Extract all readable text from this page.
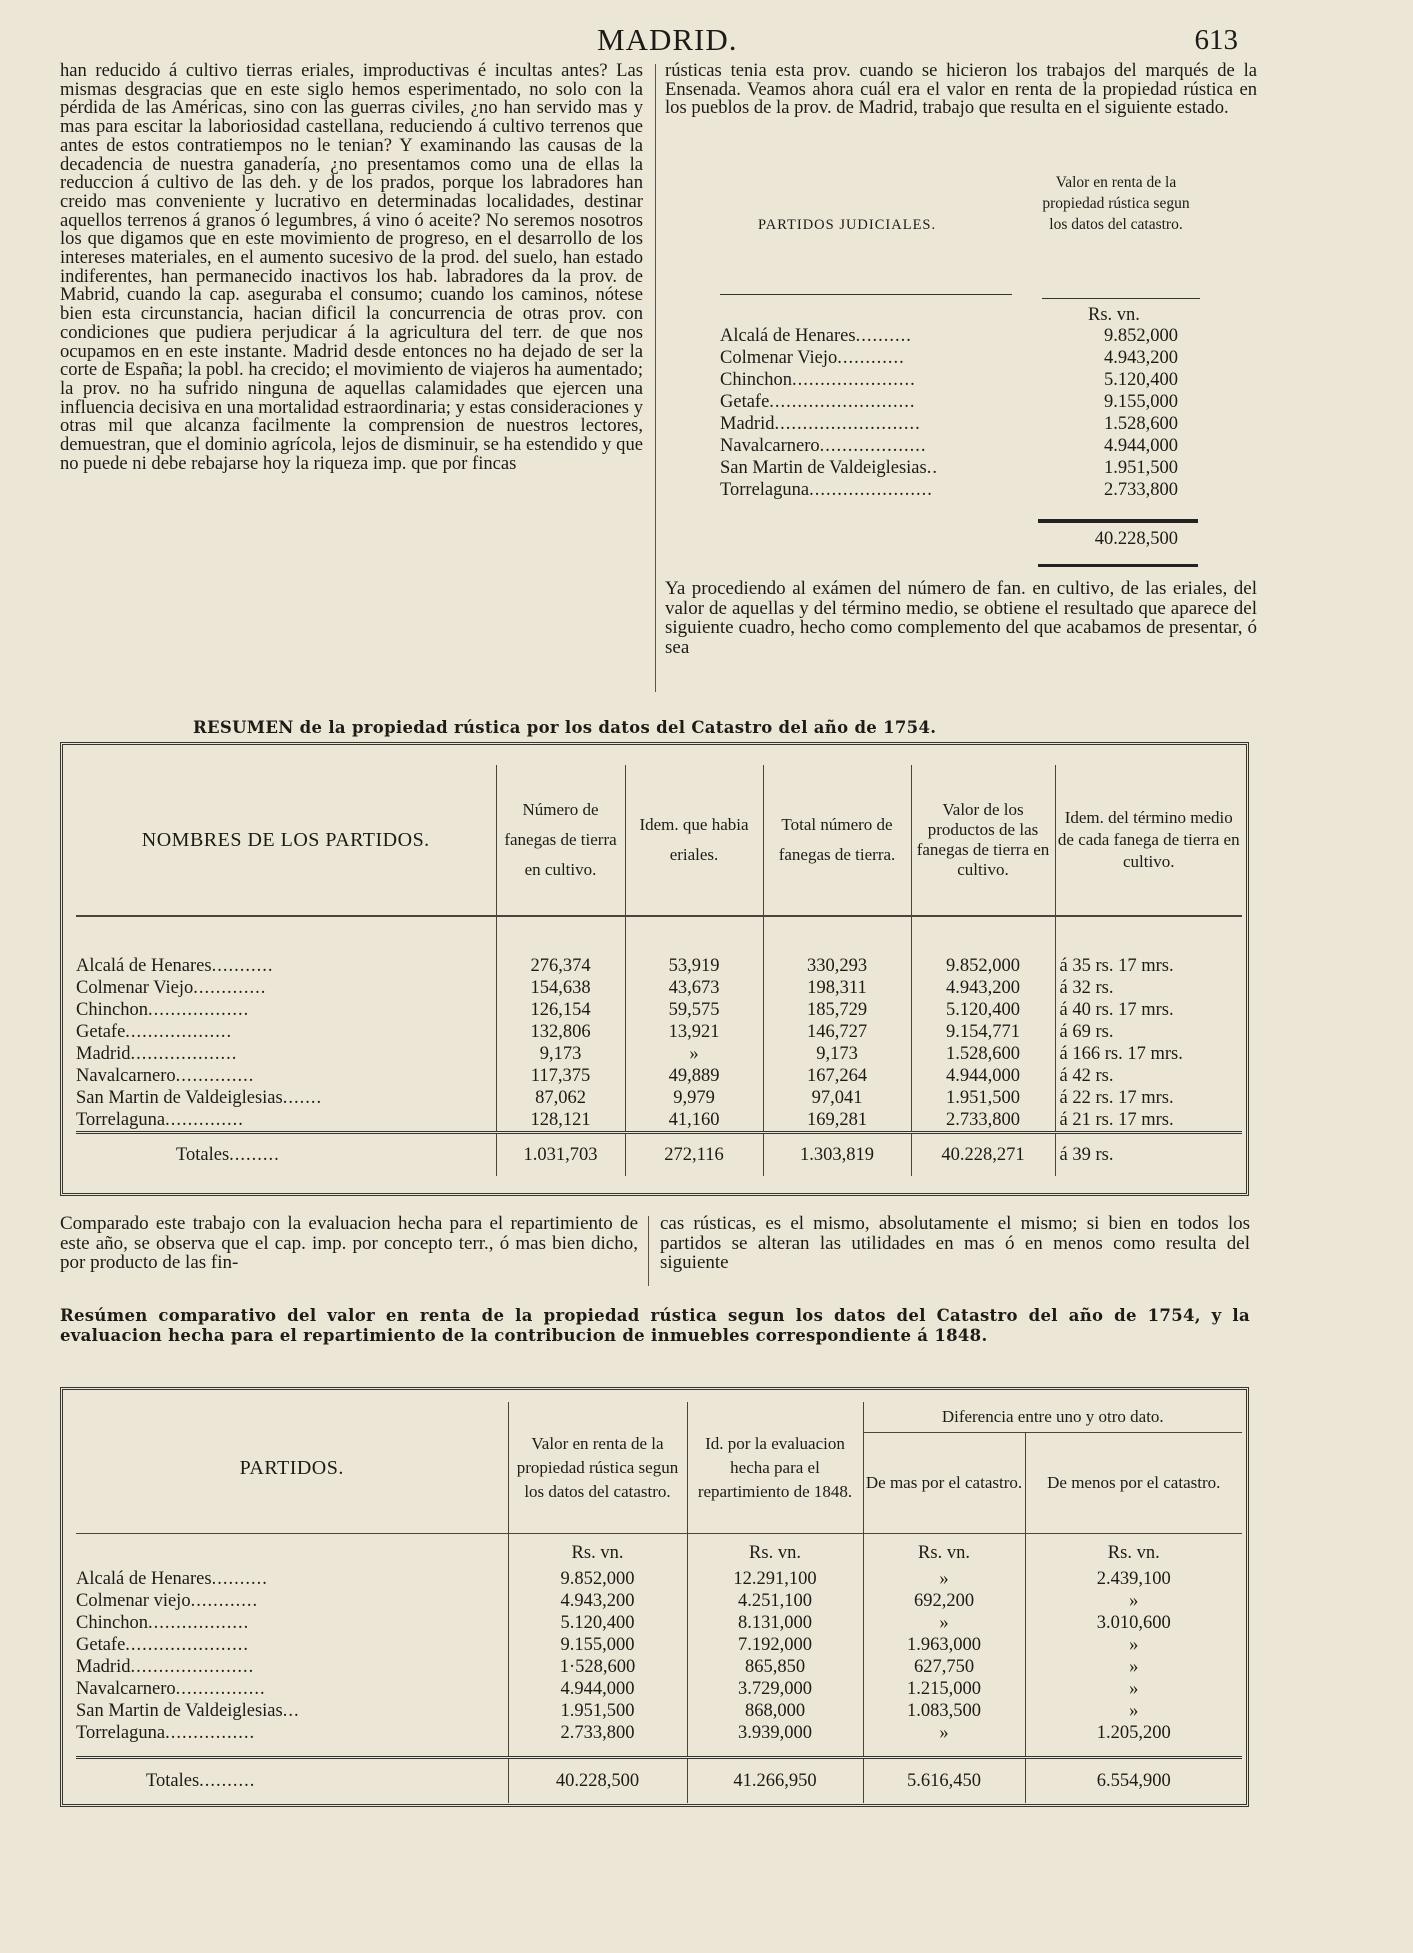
MADRID.	613

han reducido á cultivo tierras eriales, improductivas é incultas antes? Las mismas desgracias que en este siglo hemos esperimentado, no solo con la pérdida de las Américas, sino con las guerras civiles, ¿no han servido mas y mas para escitar la laboriosidad castellana, reduciendo á cultivo terrenos que antes de estos contratiempos no le tenian? Y examinando las causas de la decadencia de nuestra ganadería, ¿no presentamos como una de ellas la reduccion á cultivo de las deh. y de los prados, porque los labradores han creido mas conveniente y lucrativo en determinadas localidades, destinar aquellos terrenos á granos ó legumbres, á vino ó aceite? No seremos nosotros los que digamos que en este movimiento de progreso, en el desarrollo de los intereses materiales, en el aumento sucesivo de la prod. del suelo, han estado indiferentes, han permanecido inactivos los hab. labradores da la prov. de Mabrid, cuando la cap. aseguraba el consumo; cuando los caminos, nótese bien esta circunstancia, hacian dificil la concurrencia de otras prov. con condiciones que pudiera perjudicar á la agricultura del terr. de que nos ocupamos en en este instante. Madrid desde entonces no ha dejado de ser la corte de España; la pobl. ha crecido; el movimiento de viajeros ha aumentado; la prov. no ha sufrido ninguna de aquellas calamidades que ejercen una influencia decisiva en una mortalidad estraordinaria; y estas consideraciones y otras mil que alcanza facilmente la comprension de nuestros lectores, demuestran, que el dominio agrícola, lejos de disminuir, se ha estendido y que no puede ni debe rebajarse hoy la riqueza imp. que por fincas

rústicas tenia esta prov. cuando se hicieron los trabajos del marqués de la Ensenada. Veamos ahora cuál era el valor en renta de la propiedad rústica en los pueblos de la prov. de Madrid, trabajo que resulta en el siguiente estado.

PARTIDOS JUDICIALES.
Valor en renta de la propiedad rústica segun los datos del catastro.
Rs. vn.
Alcalá de Henares..........	9.852,000
Colmenar Viejo............	4.943,200
Chinchon......................	5.120,400
Getafe..........................	9.155,000
Madrid..........................	1.528,600
Navalcarnero...................	4.944,000
San Martin de Valdeiglesias..	1.951,500
Torrelaguna......................	2.733,800
40.228,500
Ya procediendo al exámen del número de fan. en cultivo, de las eriales, del valor de aquellas y del término medio, se obtiene el resultado que aparece del siguiente cuadro, hecho como complemento del que acabamos de presentar, ó sea
RESUMEN de la propiedad rústica por los datos del Catastro del año de 1754.
NOMBRES DE LOS PARTIDOS.	Número de fanegas de tierra en cultivo.	Idem. que habia eriales.	Total número de fanegas de tierra.	Valor de los productos de las fanegas de tierra en cultivo.	Idem. del término medio de cada fanega de tierra en cultivo.

Alcalá de Henares...........	276,374	53,919	330,293	9.852,000	á 35 rs. 17 mrs.
Colmenar Viejo.............	154,638	43,673	198,311	4.943,200	á 32 rs.
Chinchon..................	126,154	59,575	185,729	5.120,400	á 40 rs. 17 mrs.
Getafe...................	132,806	13,921	146,727	9.154,771	á 69 rs.
Madrid...................	9,173	»	9,173	1.528,600	á 166 rs. 17 mrs.
Navalcarnero..............	117,375	49,889	167,264	4.944,000	á 42 rs.
San Martin de Valdeiglesias.......	87,062	9,979	97,041	1.951,500	á 22 rs. 17 mrs.
Torrelaguna..............	128,121	41,160	169,281	2.733,800	á 21 rs. 17 mrs.
Totales.........	1.031,703	272,116	1.303,819	40.228,271	á 39 rs.
Comparado este trabajo con la evaluacion hecha para el repartimiento de este año, se observa que el cap. imp. por concepto terr., ó mas bien dicho, por producto de las fin-
cas rústicas, es el mismo, absolutamente el mismo; si bien en todos los partidos se alteran las utilidades en mas ó en menos como resulta del siguiente
Resúmen comparativo del valor en renta de la propiedad rústica segun los datos del Catastro del año de 1754, y la evaluacion hecha para el repartimiento de la contribucion de inmuebles correspondiente á 1848.
PARTIDOS.	Valor en renta de la propiedad rústica segun los datos del catastro.	Id. por la evaluacion hecha para el repartimiento de 1848.	Diferencia entre uno y otro dato.	
			De mas por el catastro.	De menos por el catastro.
	Rs. vn.	Rs. vn.	Rs. vn.	Rs. vn.
Alcalá de Henares..........	9.852,000	12.291,100	»	2.439,100
Colmenar viejo............	4.943,200	4.251,100	692,200	»
Chinchon..................	5.120,400	8.131,000	»	3.010,600
Getafe......................	9.155,000	7.192,000	1.963,000	»
Madrid......................	1·528,600	865,850	627,750	»
Navalcarnero................	4.944,000	3.729,000	1.215,000	»
San Martin de Valdeiglesias...	1.951,500	868,000	1.083,500	»
Torrelaguna................	2.733,800	3.939,000	»	1.205,200

Totales..........	40.228,500	41.266,950	5.616,450	6.554,900
